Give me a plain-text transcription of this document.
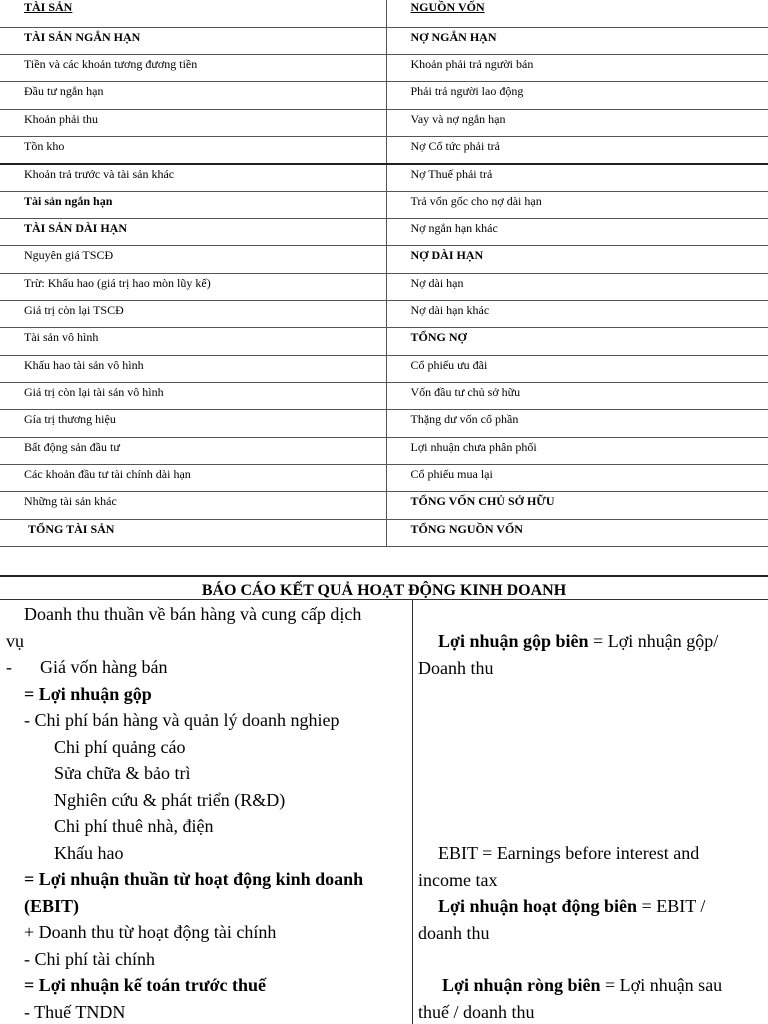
TÀI SẢN	NGUỒN VỐN
TÀI SẢN NGẮN HẠN	NỢ NGẮN HẠN
Tiền và các khoản tương đương tiền	Khoản phải trả người bán
Đầu tư ngắn hạn	Phải trả người lao động
Khoản phải thu	Vay và nợ ngắn hạn
Tồn kho	Nợ Cổ tức phải trả
Khoản trả trước và tài sản khác	Nợ Thuế phải trả
Tài sản ngắn hạn	Trả vốn gốc cho nợ dài hạn
TÀI SẢN DÀI HẠN	Nợ ngắn hạn khác
Nguyên giá TSCĐ	NỢ DÀI HẠN
Trừ: Khấu hao (giá trị hao mòn lũy kế)	Nợ dài hạn
Giá trị còn lại TSCĐ	Nợ dài hạn khác
Tài sản vô hình	TỔNG NỢ
Khấu hao tài sản vô hình	Cổ phiếu ưu đãi
Giá trị còn lại tài sản vô hình	Vốn đầu tư chủ sở hữu
Gía trị thương hiệu	Thặng dư vốn cổ phần
Bất động sản đầu tư	Lợi nhuận chưa phân phối
Các khoản đầu tư tài chính dài hạn	Cổ phiếu mua lại
Những tài sản khác	TỔNG VỐN CHỦ SỞ HỮU
TỔNG TÀI SẢN	TỔNG NGUỒN VỐN
BÁO CÁO KẾT QUẢ HOẠT ĐỘNG KINH DOANH
Doanh thu thuần về bán hàng và cung cấp dịch
vụ
- Giá vốn hàng bán
= Lợi nhuận gộp
- Chi phí bán hàng và quản lý doanh nghiep
Chi phí quảng cáo
Sửa chữa & bảo trì
Nghiên cứu & phát triển (R&D)
Chi phí thuê nhà, điện
Khấu hao
= Lợi nhuận thuần từ hoạt động kinh doanh
(EBIT)
+ Doanh thu từ hoạt động tài chính
- Chi phí tài chính
= Lợi nhuận kế toán trước thuế
- Thuế TNDN
Lợi nhuận gộp biên = Lợi nhuận gộp/
Doanh thu
EBIT = Earnings before interest and
income tax
Lợi nhuận hoạt động biên = EBIT /
doanh thu
Lợi nhuận ròng biên = Lợi nhuận sau
thuế / doanh thu
